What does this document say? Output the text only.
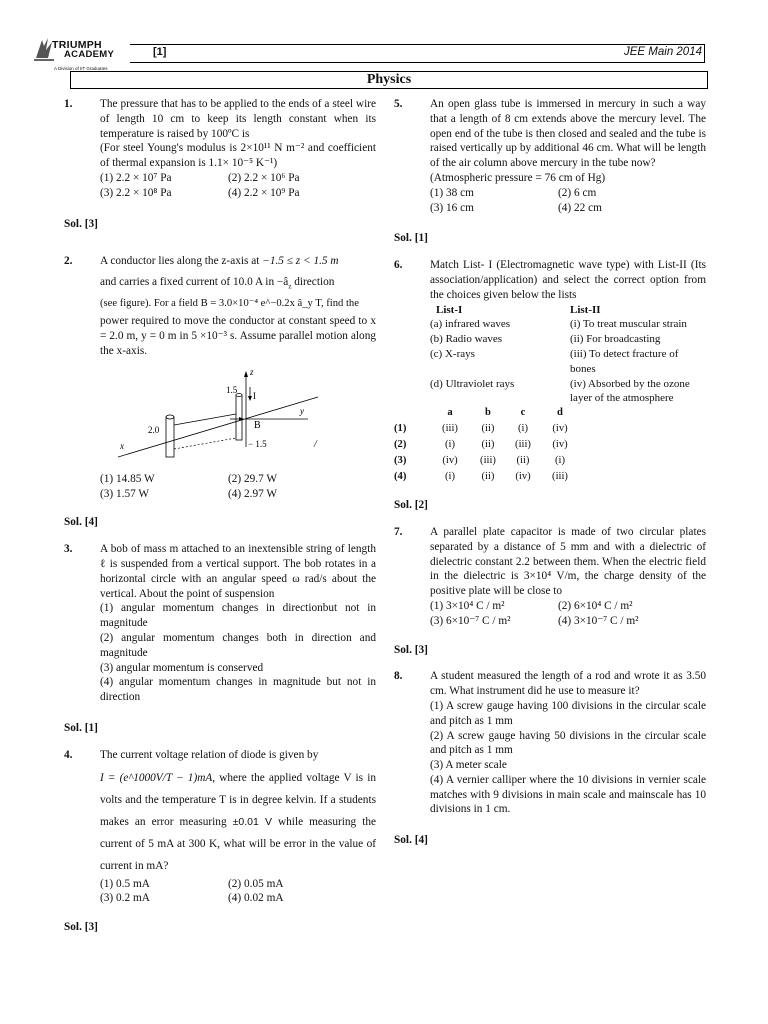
TRIUMPH
ACADEMY
A Division of IIT Graduates
[1]	JEE Main 2014
Physics
1. The pressure that has to be applied to the ends of a steel wire of length 10 cm to keep its length constant when its temperature is raised by 100ºC is
(For steel Young's modulus is 2×10¹¹ N m⁻² and coefficient of thermal expansion is 1.1× 10⁻⁵ K⁻¹)
(1) 2.2 × 10⁷ Pa	(2) 2.2 × 10⁶ Pa
(3) 2.2 × 10⁸ Pa	(4) 2.2 × 10⁹ Pa
Sol. [3]
2. A conductor lies along the z-axis at −1.5 ≤ z < 1.5 m
and carries a fixed current of 10.0 A in $-â_z$ direction
(see figure). For a field B = 3.0×10⁻⁴ e^−0.2x â_y T, find the
power required to move the conductor at constant speed to x = 2.0 m, y = 0 m in 5 ×10⁻³ s. Assume parallel motion along the x-axis.
z
1.5
I
B
y
x
2.0
− 1.5	/
(1) 14.85 W	(2) 29.7 W
(3) 1.57 W	(4) 2.97 W
Sol. [4]
3. A bob of mass m attached to an inextensible string of length ℓ is suspended from a vertical support. The bob rotates in a horizontal circle with an angular speed ω rad/s about the vertical. About the point of suspension
(1) angular momentum changes in directionbut not in magnitude
(2) angular momentum changes both in direction and magnitude
(3) angular momentum is conserved
(4) angular momentum changes in magnitude but not in direction
Sol. [1]
4. The current voltage relation of diode is given by
I = (e^1000V/T − 1)mA, where the applied voltage V is in volts and the temperature T is in degree kelvin. If a students makes an error measuring ±0.01 V while measuring the current of 5 mA at 300 K, what will be error in the value of current in mA?
(1) 0.5 mA	(2) 0.05 mA
(3) 0.2 mA	(4) 0.02 mA
Sol. [3]
5. An open glass tube is immersed in mercury in such a way that a length of 8 cm extends above the mercury level. The open end of the tube is then closed and sealed and the tube is raised vertically up by additional 46 cm. What will be length of the air column above mercury in the tube now?
(Atmospheric pressure = 76 cm of Hg)
(1) 38 cm	(2) 6 cm
(3) 16 cm	(4) 22 cm
Sol. [1]
6. Match List- I (Electromagnetic wave type) with List-II (Its association/application) and select the correct option from the choices given below the lists
List-I	List-II
(a) infrared waves	(i) To treat muscular strain
(b) Radio waves	(ii) For broadcasting
(c) X-rays	(iii) To detect fracture of bones
(d) Ultraviolet rays	(iv) Absorbed by the ozone layer of the atmosphere
	a	b	c	d
(1)	(iii)	(ii)	(i)	(iv)
(2)	(i)	(ii)	(iii)	(iv)
(3)	(iv)	(iii)	(ii)	(i)
(4)	(i)	(ii)	(iv)	(iii)
Sol. [2]
7. A parallel plate capacitor is made of two circular plates separated by a distance of 5 mm and with a dielectric of dielectric constant 2.2 between them. When the electric field in the dielectric is 3×10⁴ V/m, the charge density of the positive plate will be close to
(1) 3×10⁴ C / m²	(2) 6×10⁴ C / m²
(3) 6×10⁻⁷ C / m²	(4) 3×10⁻⁷ C / m²
Sol. [3]
8. A student measured the length of a rod and wrote it as 3.50 cm. What instrument did he use to measure it?
(1) A screw gauge having 100 divisions in the circular scale and pitch as 1 mm
(2) A screw gauge having 50 divisions in the circular scale and pitch as 1 mm
(3) A meter scale
(4) A vernier calliper where the 10 divisions in vernier scale matches with 9 divisions in main scale and mainscale has 10 divisions in 1 cm.
Sol. [4]
